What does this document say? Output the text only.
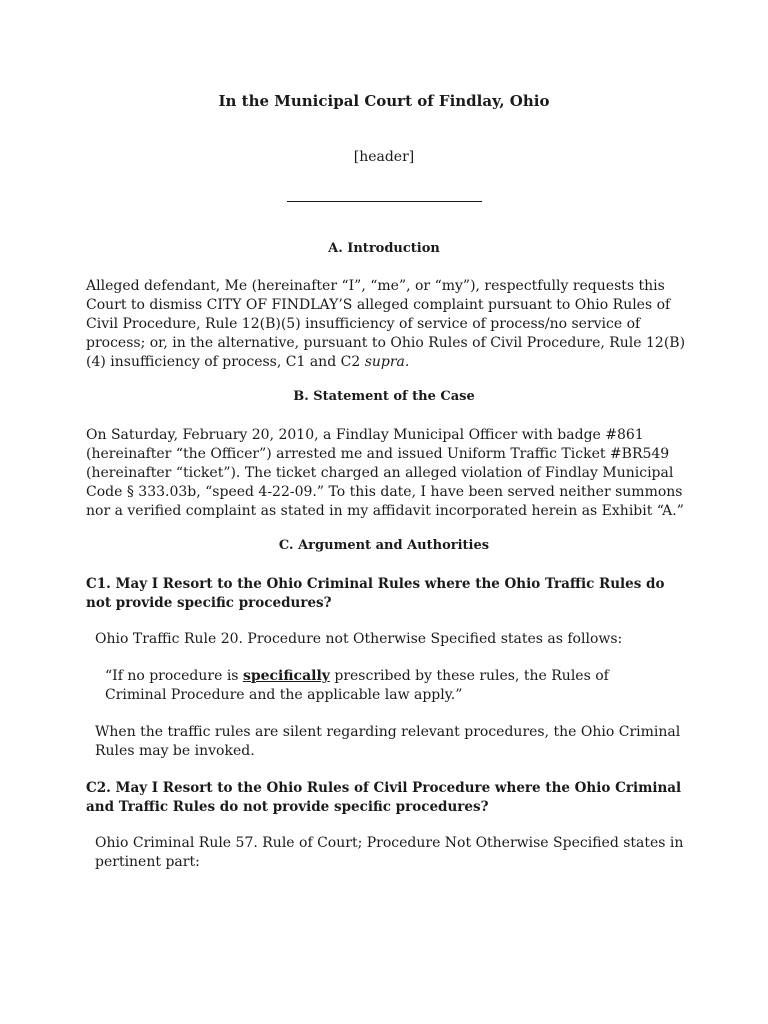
In the Municipal Court of Findlay, Ohio

[header]

A. Introduction

Alleged defendant, Me (hereinafter “I”, “me”, or “my”), respectfully requests this Court to dismiss CITY OF FINDLAY’S alleged complaint pursuant to Ohio Rules of Civil Procedure, Rule 12(B)(5) insufficiency of service of process/no service of process; or, in the alternative, pursuant to Ohio Rules of Civil Procedure, Rule 12(B)(4) insufficiency of process, C1 and C2 supra.

B. Statement of the Case

On Saturday, February 20, 2010, a Findlay Municipal Officer with badge #861 (hereinafter “the Officer”) arrested me and issued Uniform Traffic Ticket #BR549 (hereinafter “ticket”). The ticket charged an alleged violation of Findlay Municipal Code § 333.03b, “speed 4-22-09.” To this date, I have been served neither summons nor a verified complaint as stated in my affidavit incorporated herein as Exhibit “A.”

C. Argument and Authorities

C1. May I Resort to the Ohio Criminal Rules where the Ohio Traffic Rules do not provide specific procedures?

Ohio Traffic Rule 20. Procedure not Otherwise Specified states as follows:

“If no procedure is specifically prescribed by these rules, the Rules of Criminal Procedure and the applicable law apply.”

When the traffic rules are silent regarding relevant procedures, the Ohio Criminal Rules may be invoked.

C2. May I Resort to the Ohio Rules of Civil Procedure where the Ohio Criminal and Traffic Rules do not provide specific procedures?

Ohio Criminal Rule 57. Rule of Court; Procedure Not Otherwise Specified states in pertinent part:
